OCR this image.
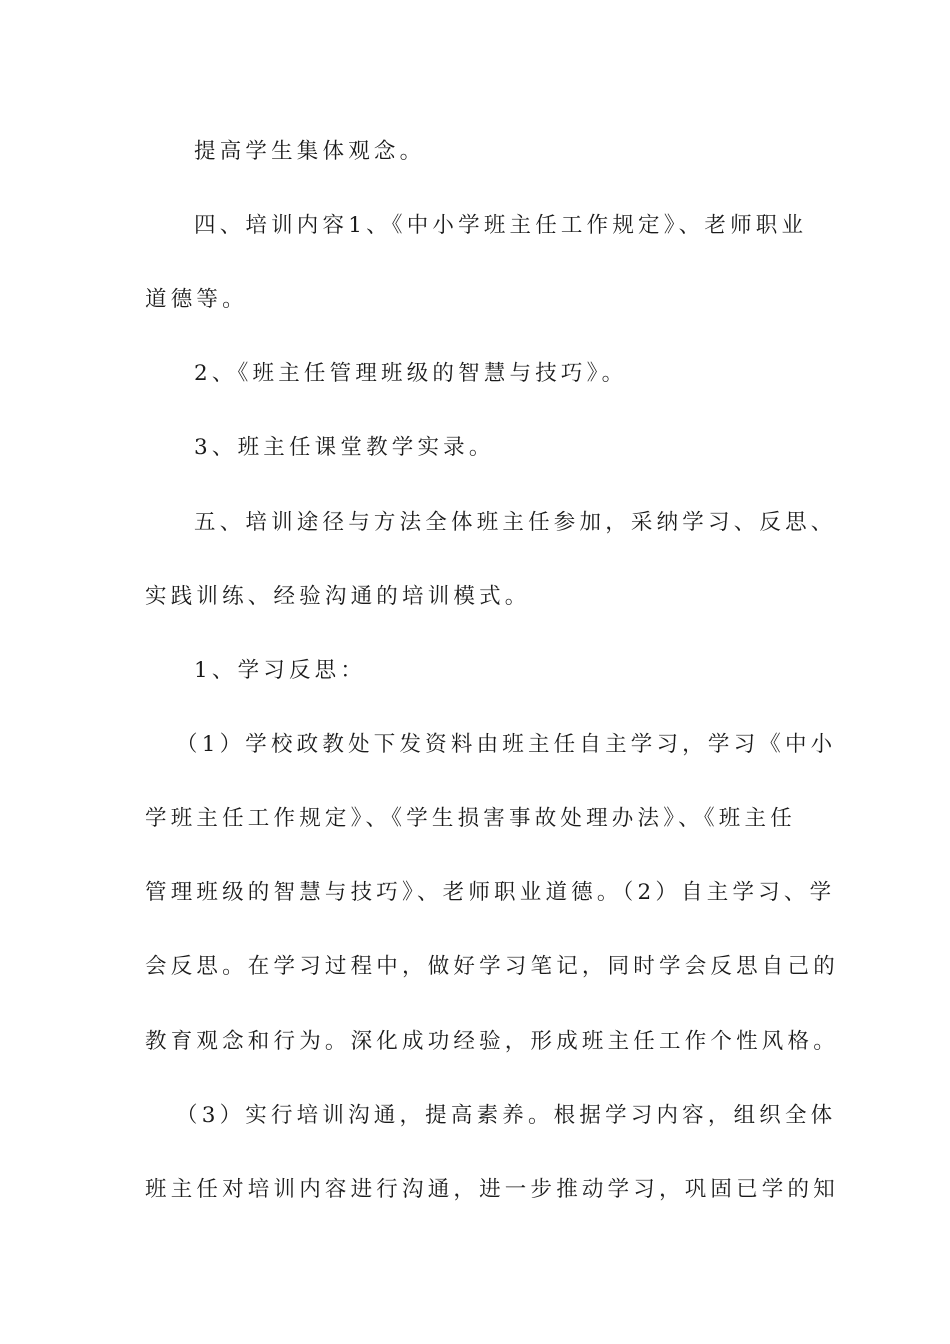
提高学生集体观念。
四、培训内容1、《中小学班主任工作规定》、老师职业
道德等。
2、《班主任管理班级的智慧与技巧》。
3、班主任课堂教学实录。
五、培训途径与方法全体班主任参加，采纳学习、反思、
实践训练、经验沟通的培训模式。
1、学习反思：
（1）学校政教处下发资料由班主任自主学习，学习《中小
学班主任工作规定》、《学生损害事故处理办法》、《班主任
管理班级的智慧与技巧》、老师职业道德。（2）自主学习、学
会反思。在学习过程中，做好学习笔记，同时学会反思自己的
教育观念和行为。深化成功经验，形成班主任工作个性风格。
（3）实行培训沟通，提高素养。根据学习内容，组织全体
班主任对培训内容进行沟通，进一步推动学习，巩固已学的知
